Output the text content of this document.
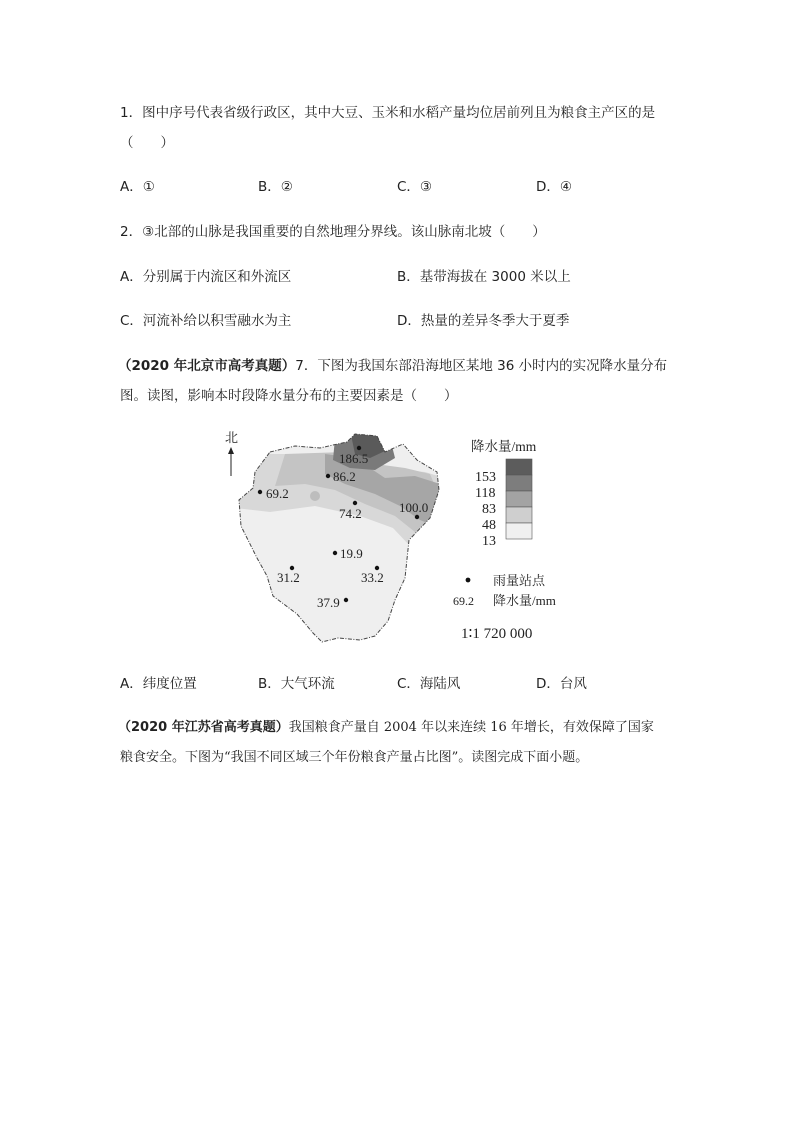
1．图中序号代表省级行政区，其中大豆、玉米和水稻产量均位居前列且为粮食主产区的是
（　　）
A．①	B．②	C．③	D．④
2．③北部的山脉是我国重要的自然地理分界线。该山脉南北坡（　　）
A．分别属于内流区和外流区	B．基带海拔在 3000 米以上
C．河流补给以积雪融水为主	D．热量的差异冬季大于夏季
（2020 年北京市高考真题）7．下图为我国东部沿海地区某地 36 小时内的实况降水量分布
图。读图，影响本时段降水量分布的主要因素是（　　）
北
186.5
86.2
69.2
74.2	100.0
19.9
31.2	33.2
37.9
降水量/mm
153
118
83
48
13
雨量站点
69.2 降水量/mm
1∶1 720 000
A．纬度位置	B．大气环流	C．海陆风	D．台风
（2020 年江苏省高考真题）我国粮食产量自 2004 年以来连续 16 年增长，有效保障了国家
粮食安全。下图为“我国不同区域三个年份粮食产量占比图”。读图完成下面小题。
